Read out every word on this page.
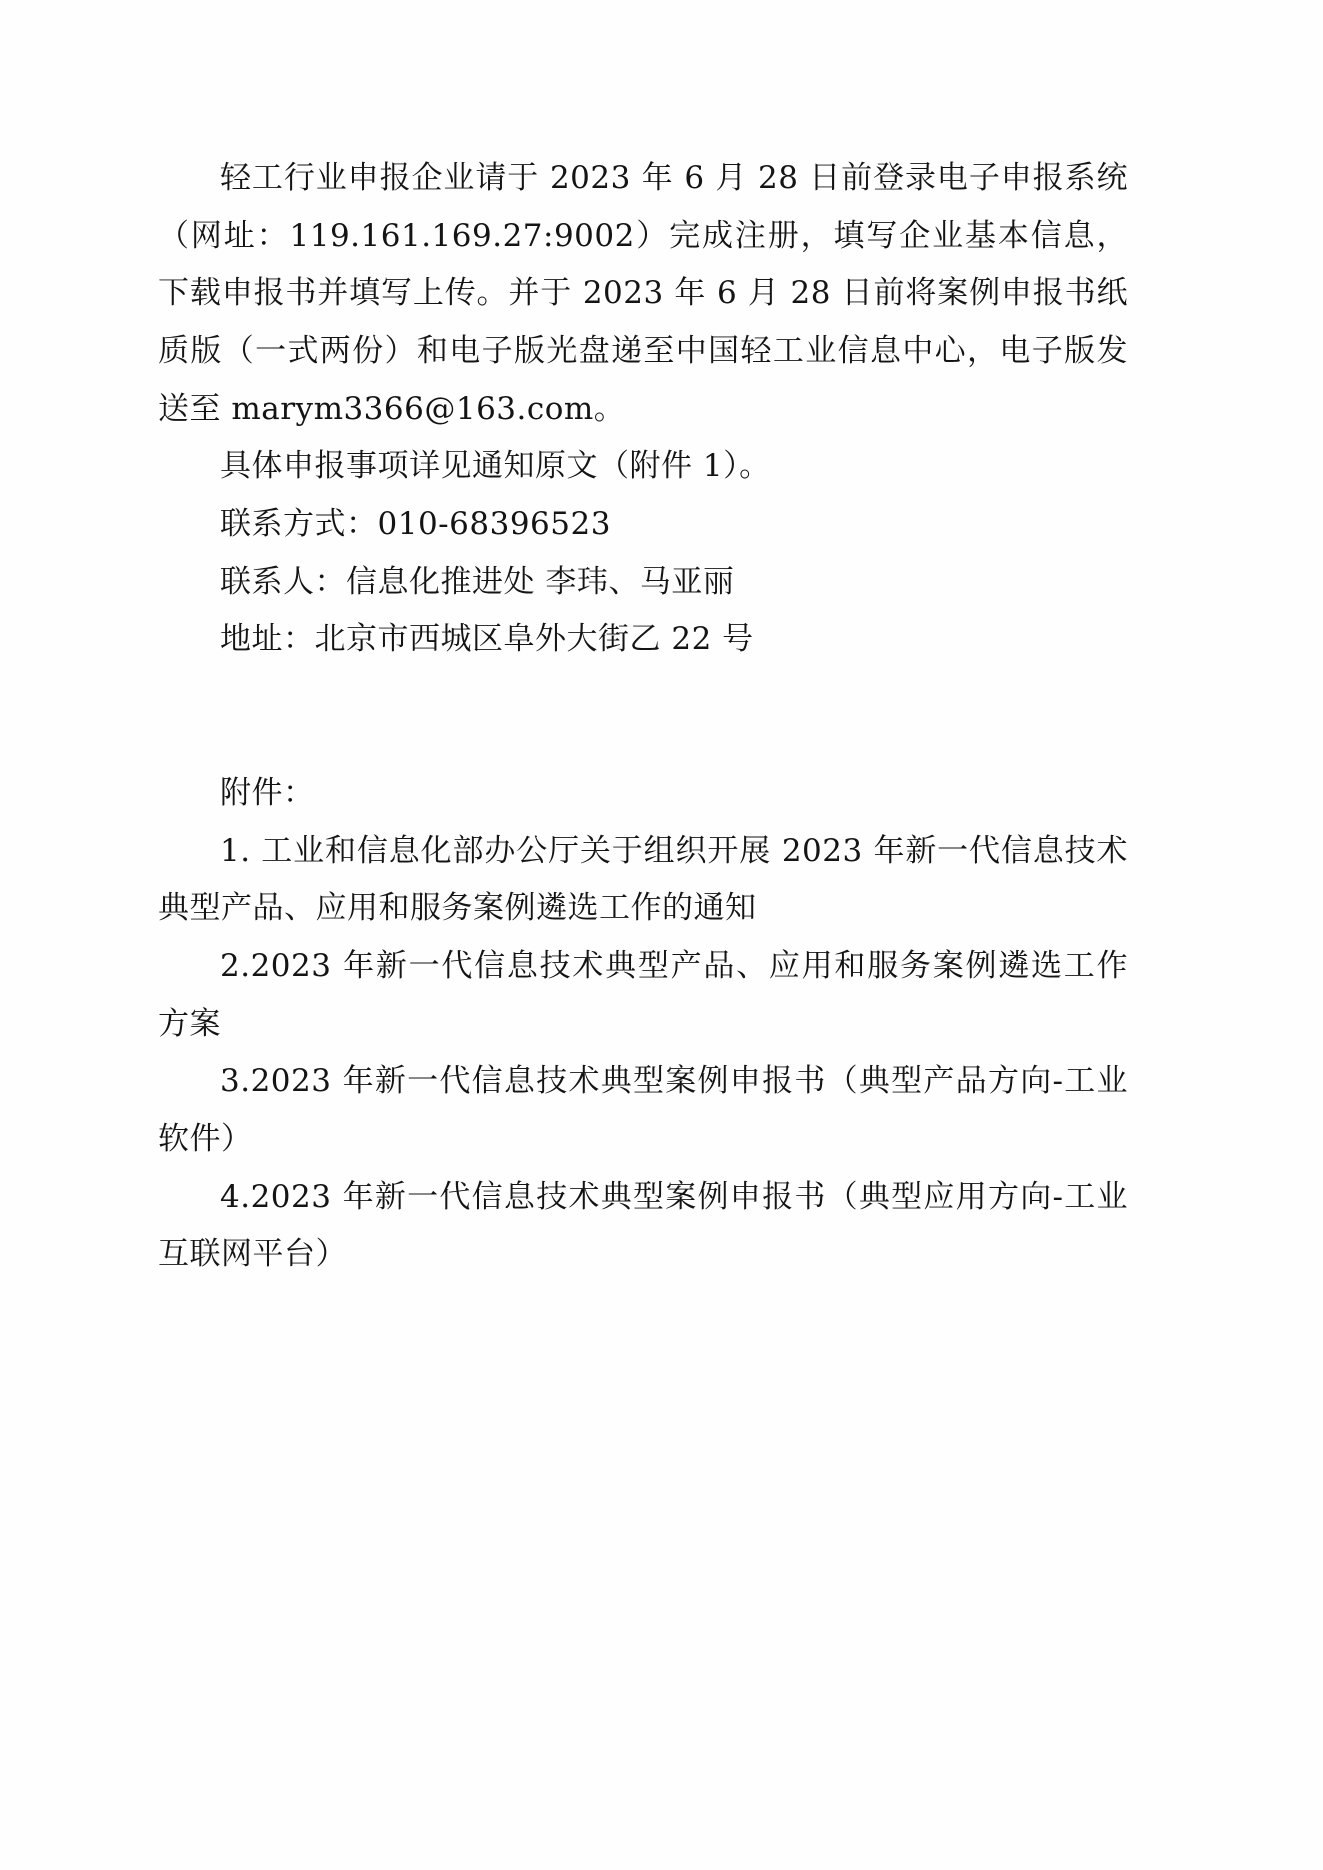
轻工行业申报企业请于 2023 年 6 月 28 日前登录电子申报系统（网址：119.161.169.27:9002）完成注册，填写企业基本信息，下载申报书并填写上传。并于 2023 年 6 月 28 日前将案例申报书纸质版（一式两份）和电子版光盘递至中国轻工业信息中心，电子版发送至 marym3366@163.com。

具体申报事项详见通知原文（附件 1）。

联系方式：010-68396523

联系人：信息化推进处 李玮、马亚丽

地址：北京市西城区阜外大街乙 22 号

附件：

1. 工业和信息化部办公厅关于组织开展 2023 年新一代信息技术典型产品、应用和服务案例遴选工作的通知

2.2023 年新一代信息技术典型产品、应用和服务案例遴选工作方案

3.2023 年新一代信息技术典型案例申报书（典型产品方向-工业软件）

4.2023 年新一代信息技术典型案例申报书（典型应用方向-工业互联网平台）
